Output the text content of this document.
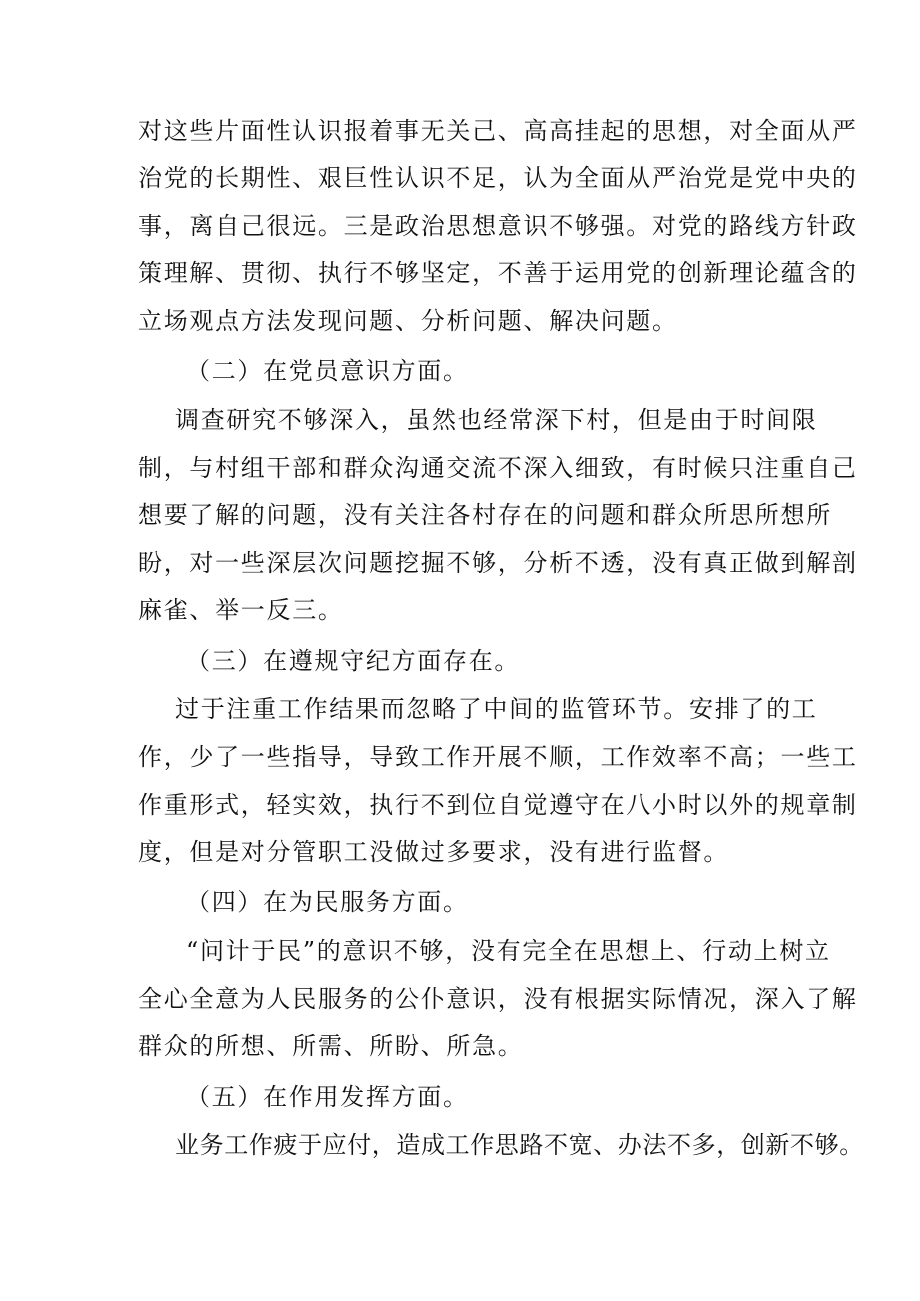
对这些片面性认识报着事无关己、高高挂起的思想，对全面从严

治党的长期性、艰巨性认识不足，认为全面从严治党是党中央的

事，离自己很远。三是政治思想意识不够强。对党的路线方针政

策理解、贯彻、执行不够坚定，不善于运用党的创新理论蕴含的

立场观点方法发现问题、分析问题、解决问题。

（二）在党员意识方面。

调查研究不够深入，虽然也经常深下村，但是由于时间限

制，与村组干部和群众沟通交流不深入细致，有时候只注重自己

想要了解的问题，没有关注各村存在的问题和群众所思所想所

盼，对一些深层次问题挖掘不够，分析不透，没有真正做到解剖

麻雀、举一反三。

（三）在遵规守纪方面存在。

过于注重工作结果而忽略了中间的监管环节。安排了的工

作，少了一些指导，导致工作开展不顺，工作效率不高；一些工

作重形式，轻实效，执行不到位自觉遵守在八小时以外的规章制

度，但是对分管职工没做过多要求，没有进行监督。

（四）在为民服务方面。

“问计于民”的意识不够，没有完全在思想上、行动上树立

全心全意为人民服务的公仆意识，没有根据实际情况，深入了解

群众的所想、所需、所盼、所急。

（五）在作用发挥方面。

业务工作疲于应付，造成工作思路不宽、办法不多，创新不够。
